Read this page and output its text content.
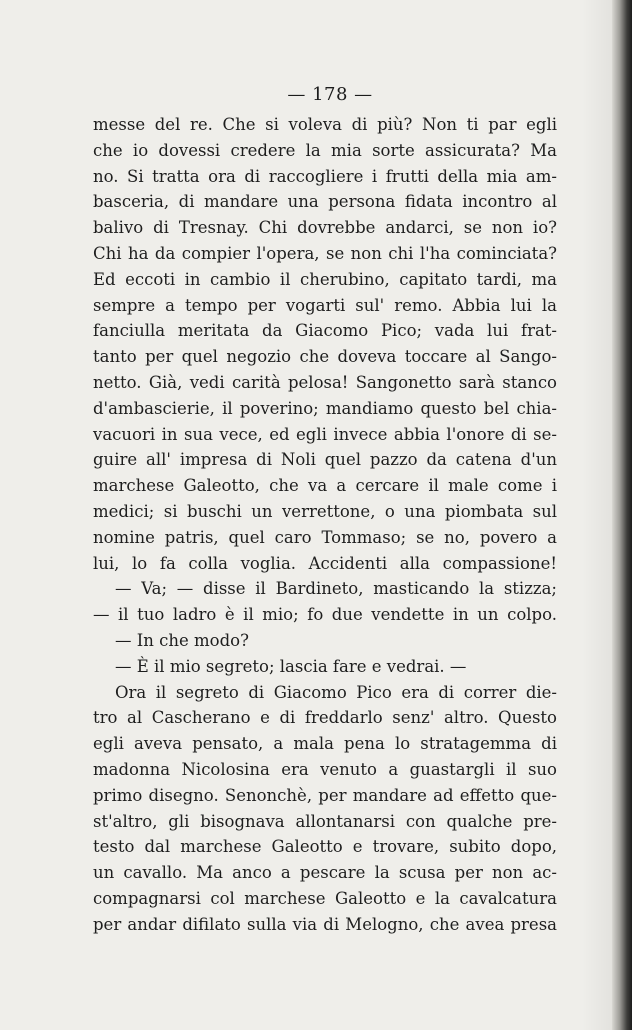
— 178 —
messe del re. Che si voleva di più? Non ti par egli
che io dovessi credere la mia sorte assicurata? Ma
no. Si tratta ora di raccogliere i frutti della mia am-
basceria, di mandare una persona fidata incontro al
balivo di Tresnay. Chi dovrebbe andarci, se non io?
Chi ha da compier l'opera, se non chi l'ha cominciata?
Ed eccoti in cambio il cherubino, capitato tardi, ma
sempre a tempo per vogarti sul' remo. Abbia lui la
fanciulla meritata da Giacomo Pico; vada lui frat-
tanto per quel negozio che doveva toccare al Sango-
netto. Già, vedi carità pelosa! Sangonetto sarà stanco
d'ambascierie, il poverino; mandiamo questo bel chia-
vacuori in sua vece, ed egli invece abbia l'onore di se-
guire all' impresa di Noli quel pazzo da catena d'un
marchese Galeotto, che va a cercare il male come i
medici; si buschi un verrettone, o una piombata sul
nomine patris, quel caro Tommaso; se no, povero a
lui, lo fa colla voglia. Accidenti alla compassione!
— Va; — disse il Bardineto, masticando la stizza;
— il tuo ladro è il mio; fo due vendette in un colpo.
— In che modo?
— È il mio segreto; lascia fare e vedrai. —
Ora il segreto di Giacomo Pico era di correr die-
tro al Cascherano e di freddarlo senz' altro. Questo
egli aveva pensato, a mala pena lo stratagemma di
madonna Nicolosina era venuto a guastargli il suo
primo disegno. Senonchè, per mandare ad effetto que-
st'altro, gli bisognava allontanarsi con qualche pre-
testo dal marchese Galeotto e trovare, subito dopo,
un cavallo. Ma anco a pescare la scusa per non ac-
compagnarsi col marchese Galeotto e la cavalcatura
per andar difilato sulla via di Melogno, che avea presa
